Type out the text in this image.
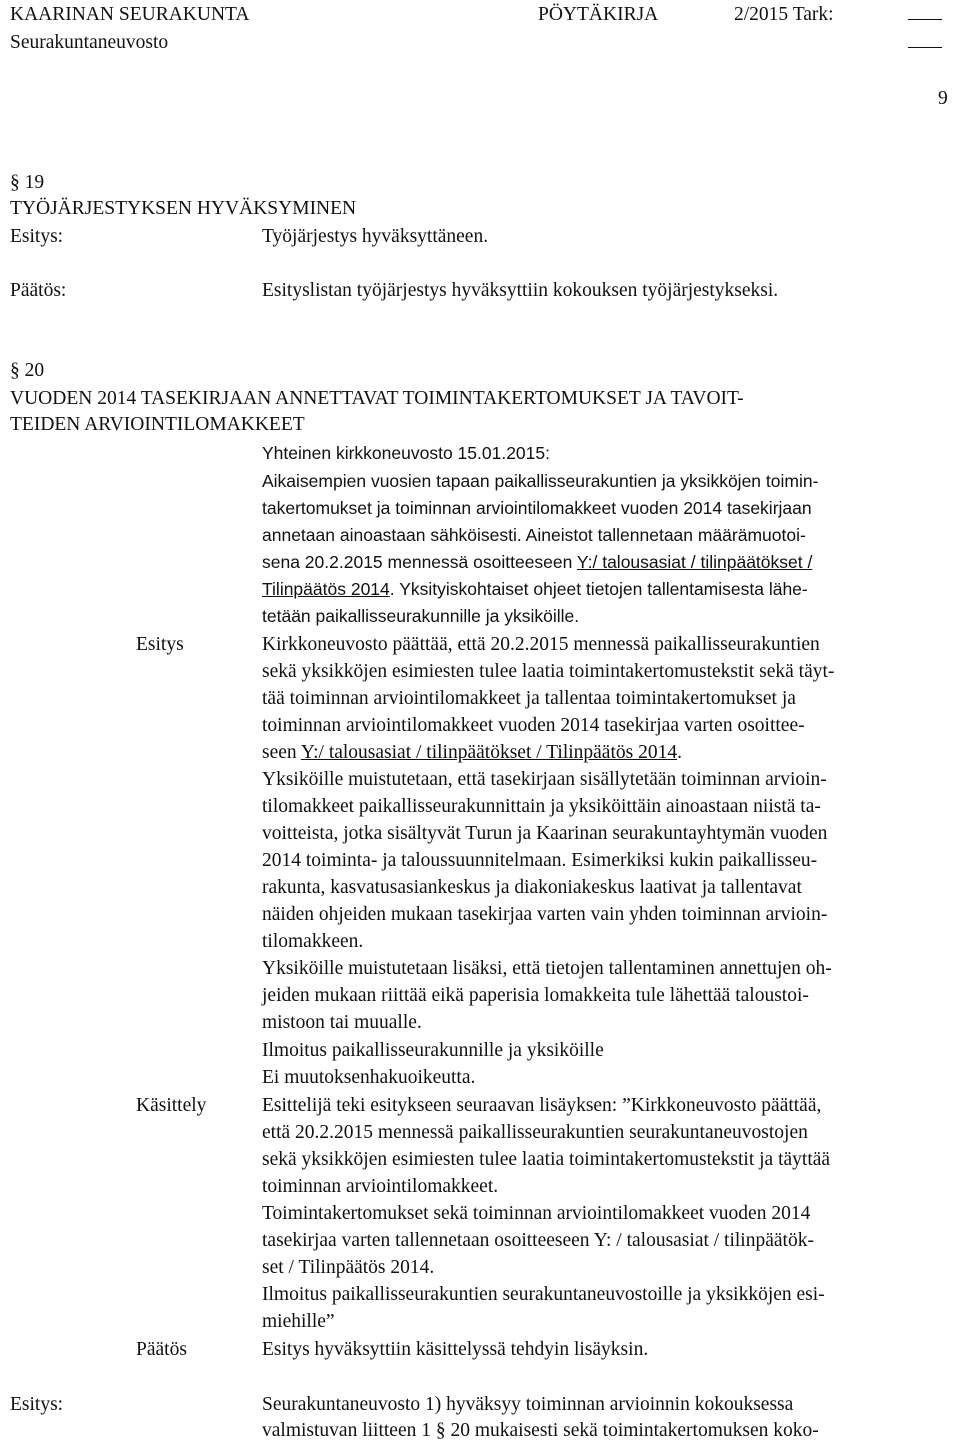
KAARINAN SEURAKUNTA	PÖYTÄKIRJA	2/2015 Tark:
Seurakuntaneuvosto
9
§ 19
TYÖJÄRJESTYKSEN HYVÄKSYMINEN
Esitys:	Työjärjestys hyväksyttäneen.
Päätös:	Esityslistan työjärjestys hyväksyttiin kokouksen työjärjestykseksi.
§ 20
VUODEN 2014 TASEKIRJAAN ANNETTAVAT TOIMINTAKERTOMUKSET JA TAVOIT-
TEIDEN ARVIOINTILOMAKKEET
Yhteinen kirkkoneuvosto 15.01.2015:
Aikaisempien vuosien tapaan paikallisseurakuntien ja yksikköjen toimin-
takertomukset ja toiminnan arviointilomakkeet vuoden 2014 tasekirjaan
annetaan ainoastaan sähköisesti. Aineistot tallennetaan määrämuotoi-
sena 20.2.2015 mennessä osoitteeseen Y:/ talousasiat / tilinpäätökset /
Tilinpäätös 2014. Yksityiskohtaiset ohjeet tietojen tallentamisesta lähe-
tetään paikallisseurakunnille ja yksiköille.
Esitys	Kirkkoneuvosto päättää, että 20.2.2015 mennessä paikallisseurakuntien
sekä yksikköjen esimiesten tulee laatia toimintakertomustekstit sekä täyt-
tää toiminnan arviointilomakkeet ja tallentaa toimintakertomukset ja
toiminnan arviointilomakkeet vuoden 2014 tasekirjaa varten osoittee-
seen Y:/ talousasiat / tilinpäätökset / Tilinpäätös 2014.
Yksiköille muistutetaan, että tasekirjaan sisällytetään toiminnan arvioin-
tilomakkeet paikallisseurakunnittain ja yksiköittäin ainoastaan niistä ta-
voitteista, jotka sisältyvät Turun ja Kaarinan seurakuntayhtymän vuoden
2014 toiminta- ja taloussuunnitelmaan. Esimerkiksi kukin paikallisseu-
rakunta, kasvatusasiankeskus ja diakoniakeskus laativat ja tallentavat
näiden ohjeiden mukaan tasekirjaa varten vain yhden toiminnan arvioin-
tilomakkeen.
Yksiköille muistutetaan lisäksi, että tietojen tallentaminen annettujen oh-
jeiden mukaan riittää eikä paperisia lomakkeita tule lähettää taloustoi-
mistoon tai muualle.
Ilmoitus paikallisseurakunnille ja yksiköille
Ei muutoksenhakuoikeutta.
Käsittely	Esittelijä teki esitykseen seuraavan lisäyksen: ”Kirkkoneuvosto päättää,
että 20.2.2015 mennessä paikallisseurakuntien seurakuntaneuvostojen
sekä yksikköjen esimiesten tulee laatia toimintakertomustekstit ja täyttää
toiminnan arviointilomakkeet.
Toimintakertomukset sekä toiminnan arviointilomakkeet vuoden 2014
tasekirjaa varten tallennetaan osoitteeseen Y: / talousasiat / tilinpäätök-
set / Tilinpäätös 2014.
Ilmoitus paikallisseurakuntien seurakuntaneuvostoille ja yksikköjen esi-
miehille”
Päätös	Esitys hyväksyttiin käsittelyssä tehdyin lisäyksin.
Esitys:	Seurakuntaneuvosto 1) hyväksyy toiminnan arvioinnin kokouksessa
valmistuvan liitteen 1 § 20 mukaisesti sekä toimintakertomuksen koko-
